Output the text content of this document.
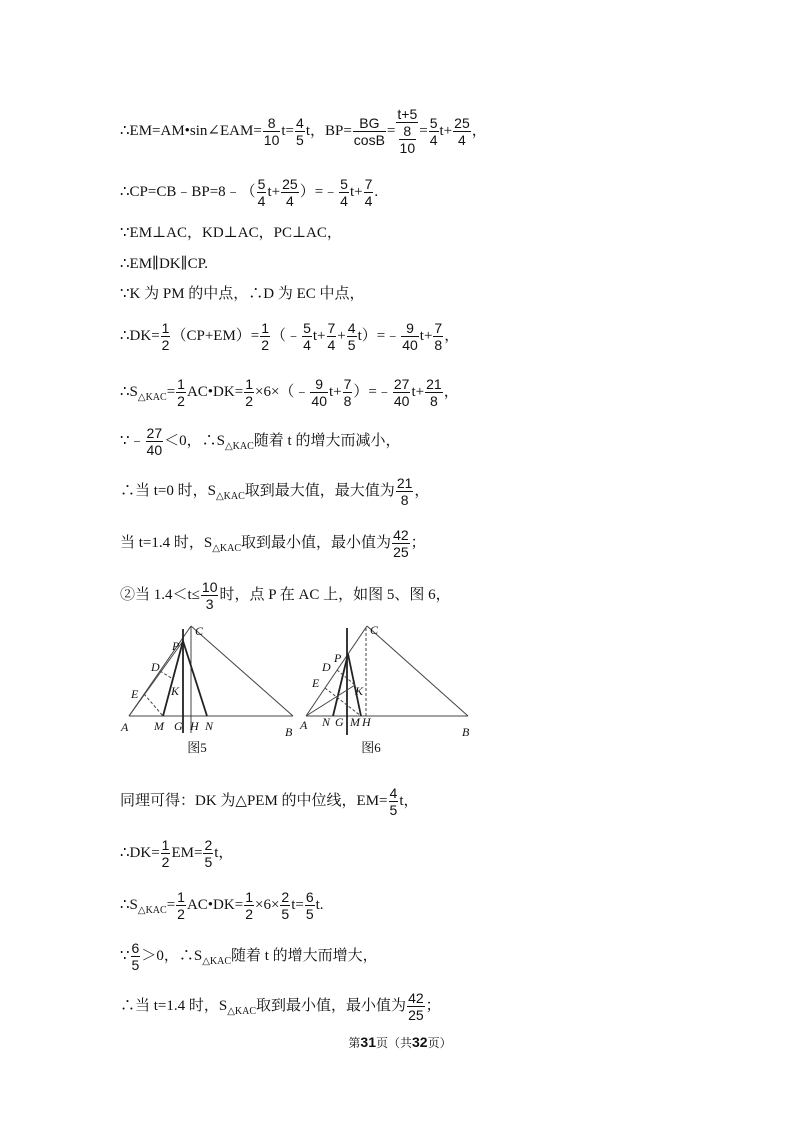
∴EM=AM•sin∠EAM= $\frac{8}{10} t= \frac{4}{5}$ t，$BP= \frac{BG}{\cos B} = \frac{t+5}{\frac{8}{10}} = \frac{5}{4} t+ \frac{25}{4}$ ，
∴CP=CB﹣BP=8﹣（ $\frac{5}{4} t+ \frac{25}{4}$ ）=﹣ $\frac{5}{4} t+ \frac{7}{4}$ .
∵EM⊥AC，KD⊥AC，PC⊥AC，
∴EM∥DK∥CP.
∵K 为 PM 的中点，∴D 为 EC 中点，
∴DK= $\frac{1}{2} (CP+EM)= \frac{1}{2}$ （﹣ $\frac{5}{4} t+ \frac{7}{4} + \frac{4}{5}$ t）=﹣ $\frac{9}{40} t+ \frac{7}{8}$ ，
∴S △KAC = $\frac{1}{2}$ AC•DK= $\frac{1}{2}$ ×6×（﹣ $\frac{9}{40} t+ \frac{7}{8}$ ）=﹣ $\frac{27}{40} t+ \frac{21}{8}$ ，
∵﹣ $\frac{27}{40} <0$，∴S △KAC 随着 t 的增大而减小，
∴当 t=0 时，S △KAC 取到最大值，最大值为 $\frac{21}{8}$ ，
当 t=1.4 时，S △KAC 取到最小值，最小值为 $\frac{42}{25}$ ；
②当 $1.4<t\le \frac{10}{3}$ 时，点 P 在 AC 上，如图 5、图 6，
同理可得：DK 为△PEM 的中位线，$EM= \frac{4}{5}$ t，
∴DK= $\frac{1}{2} EM= \frac{2}{5}$ t，
∴S △KAC = $\frac{1}{2}$ AC•DK= $\frac{1}{2} \times 6\times \frac{2}{5} t= \frac{6}{5} t$.
∵ $\frac{6}{5} >0$，∴S △KAC 随着 t 的增大而增大，
∴当 t=1.4 时，S △KAC 取到最小值，最小值为 $\frac{42}{25}$ ；
A M G H N	B
C
P
D
E	K
图5
A N G M H
B
C
P
D
E
K
图6
第31页（共32页）
